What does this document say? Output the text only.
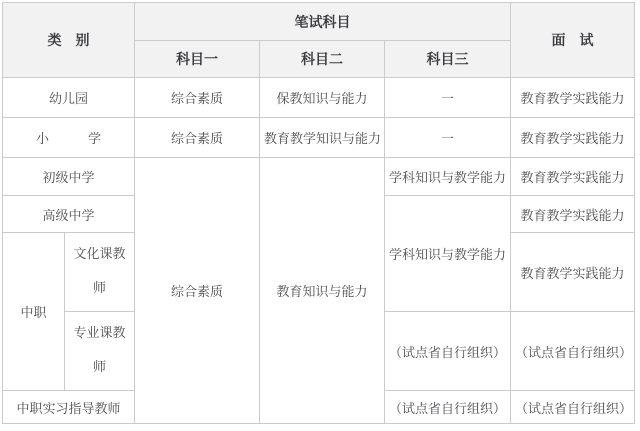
类　别		笔试科目			面　试
		科目一	科目二	科目三	
幼儿园		综合素质	保教知识与能力	一	教育教学实践能力
小　　　学		综合素质	教育教学知识与能力	一	教育教学实践能力
初级中学		综合素质	教育知识与能力	学科知识与教学能力	教育教学实践能力
高级中学				学科知识与教学能力	教育教学实践能力
中职	文化课教师				教育教学实践能力
	专业课教师			（试点省自行组织）	（试点省自行组织）
中职实习指导教师				（试点省自行组织）	（试点省自行组织）
